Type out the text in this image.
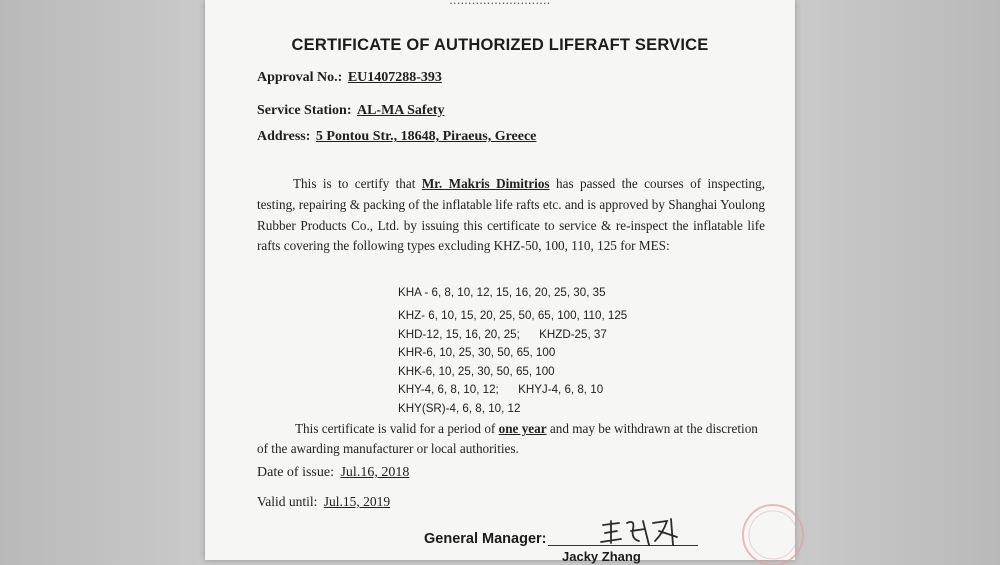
CERTIFICATE OF AUTHORIZED LIFERAFT SERVICE
Approval No.: EU1407288-393
Service Station: AL-MA Safety
Address: 5 Pontou Str., 18648, Piraeus, Greece
This is to certify that Mr. Makris Dimitrios has passed the courses of inspecting, testing, repairing & packing of the inflatable life rafts etc. and is approved by Shanghai Youlong Rubber Products Co., Ltd. by issuing this certificate to service & re-inspect the inflatable life rafts covering the following types excluding KHZ-50, 100, 110, 125 for MES:
KHA - 6, 8, 10, 12, 15, 16, 20, 25, 30, 35
KHZ- 6, 10, 15, 20, 25, 50, 65, 100, 110, 125
KHD-12, 15, 16, 20, 25;      KHZD-25, 37
KHR-6, 10, 25, 30, 50, 65, 100
KHK-6, 10, 25, 30, 50, 65, 100
KHY-4, 6, 8, 10, 12;      KHYJ-4, 6, 8, 10
KHY(SR)-4, 6, 8, 10, 12
This certificate is valid for a period of one year and may be withdrawn at the discretion of the awarding manufacturer or local authorities.
Date of issue: Jul.16, 2018
Valid until: Jul.15, 2019
General Manager:
Jacky Zhang
